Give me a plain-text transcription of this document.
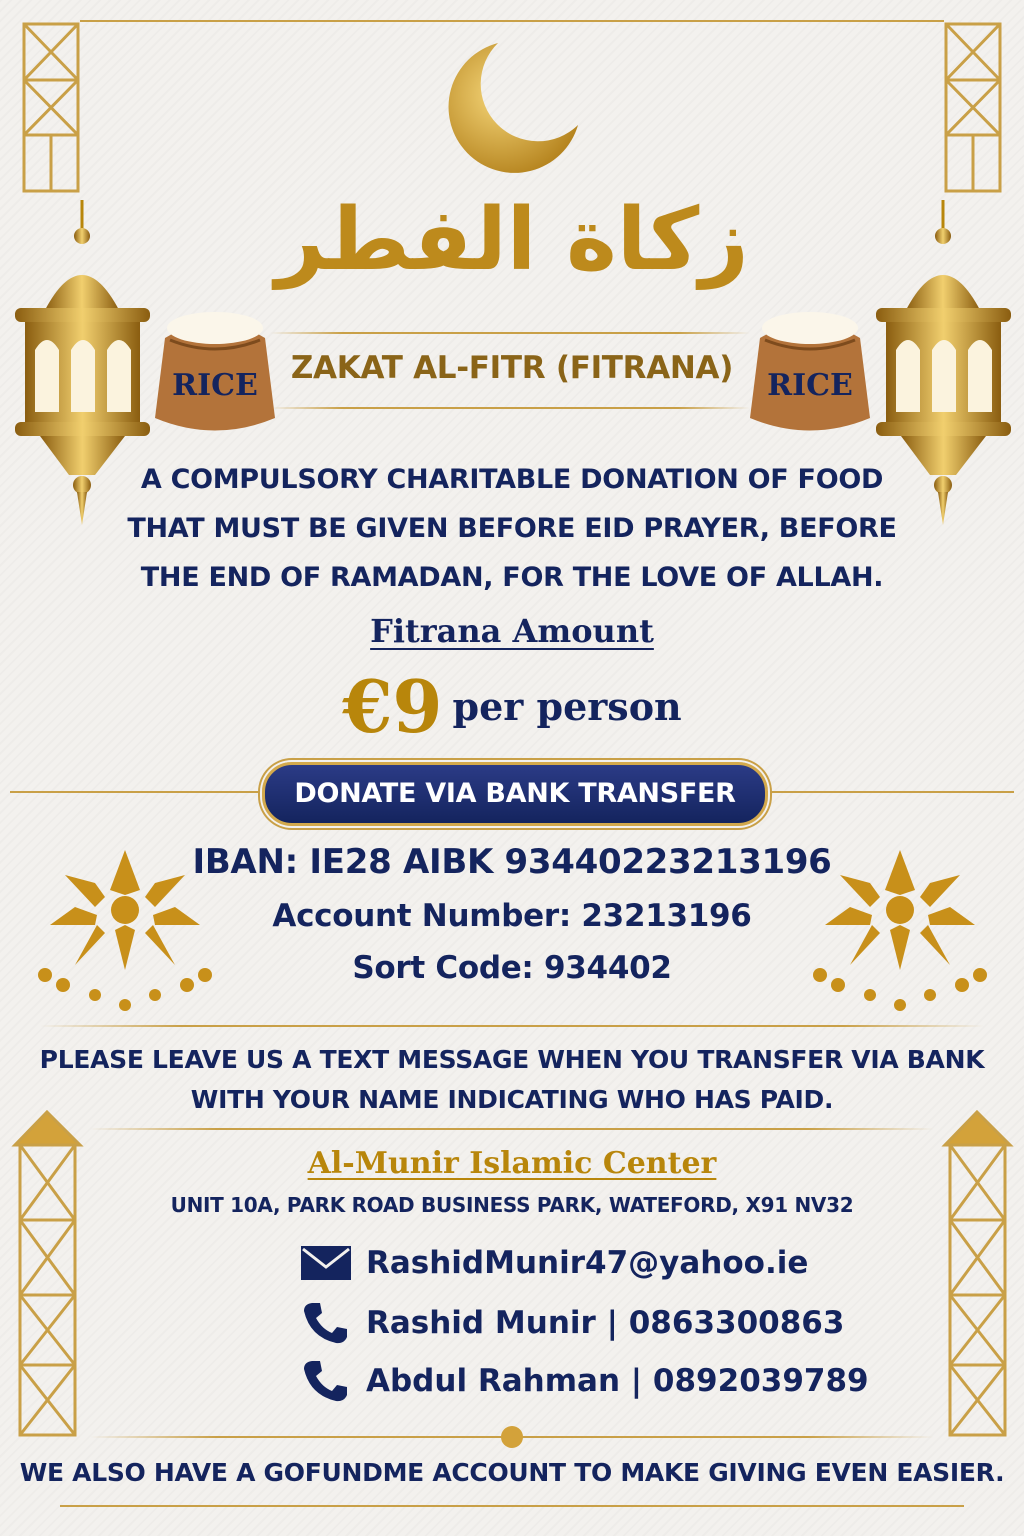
زكاة الفطر
RICE	RICE
ZAKAT AL-FITR (FITRANA)
A COMPULSORY CHARITABLE DONATION OF FOOD
THAT MUST BE GIVEN BEFORE EID PRAYER, BEFORE
THE END OF RAMADAN, FOR THE LOVE OF ALLAH.
Fitrana Amount
€9 per person
DONATE VIA BANK TRANSFER
IBAN: IE28 AIBK 93440223213196
Account Number: 23213196
Sort Code: 934402
PLEASE LEAVE US A TEXT MESSAGE WHEN YOU TRANSFER VIA BANK
WITH YOUR NAME INDICATING WHO HAS PAID.
Al-Munir Islamic Center
UNIT 10A, PARK ROAD BUSINESS PARK, WATEFORD, X91 NV32
RashidMunir47@yahoo.ie
Rashid Munir | 0863300863
Abdul Rahman | 0892039789
WE ALSO HAVE A GOFUNDME ACCOUNT TO MAKE GIVING EVEN EASIER.
